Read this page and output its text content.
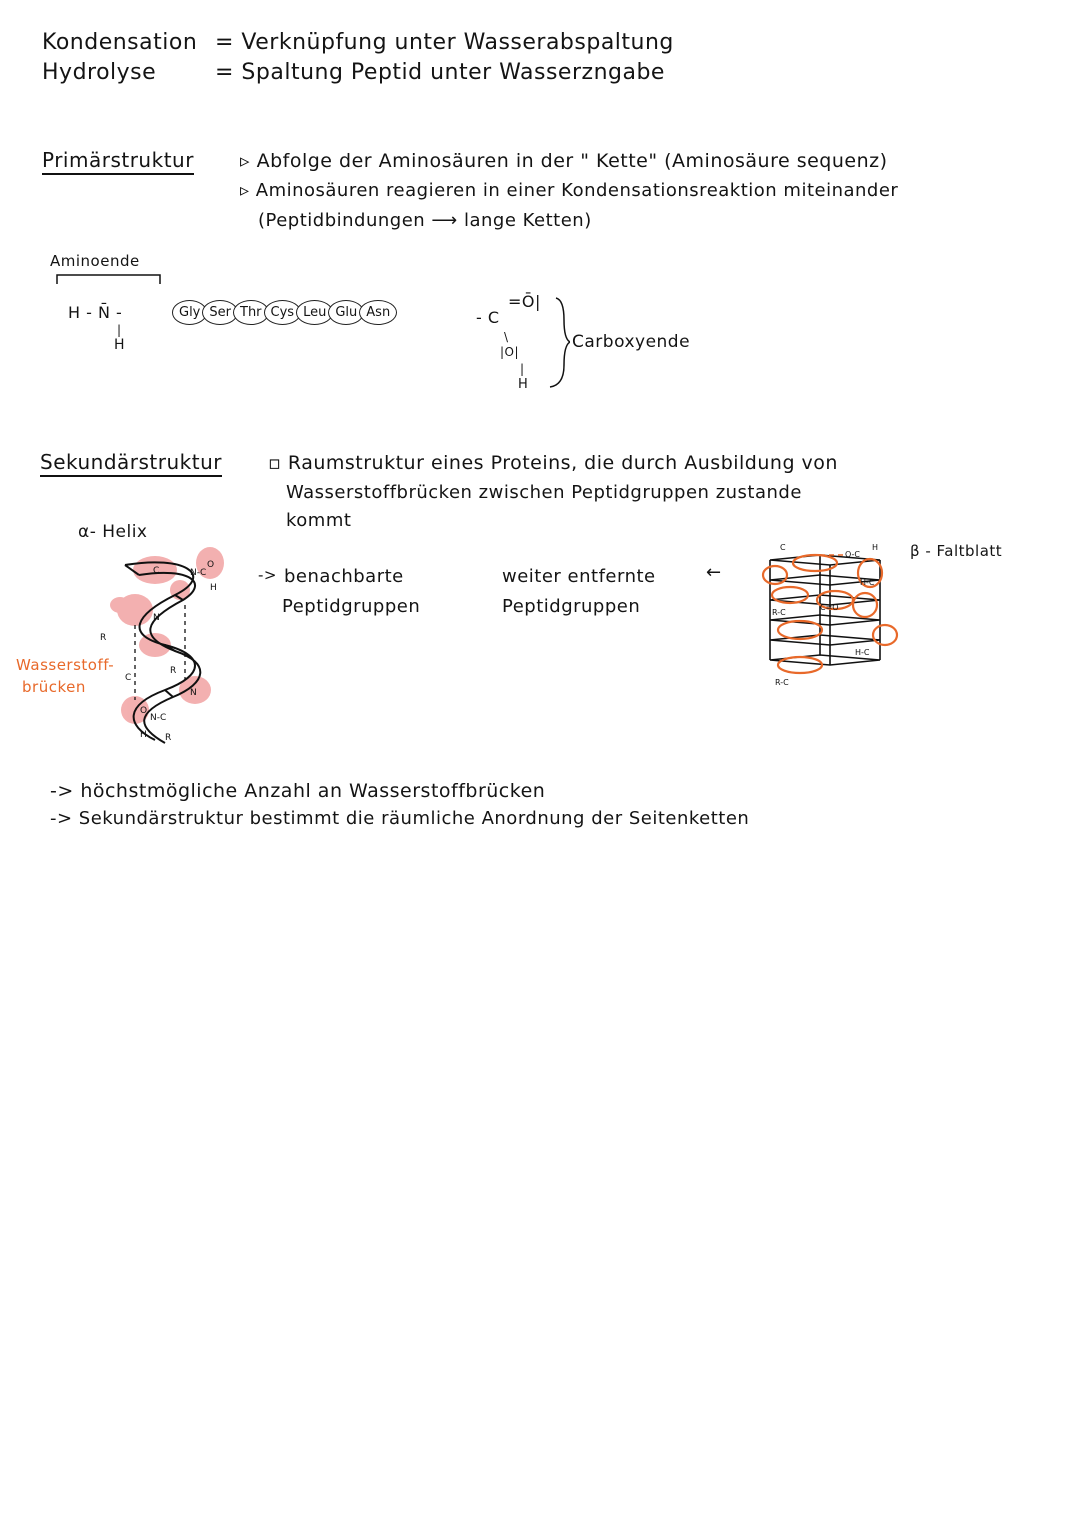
Kondensation = Verknüpfung unter Wasserabspaltung
Hydrolyse	= Spaltung Peptid unter Wasserzngabe
Primärstruktur ▹ Abfolge der Aminosäuren in der " Kette" (Aminosäure sequenz)
▹ Aminosäuren reagieren in einer Kondensationsreaktion miteinander
(Peptidbindungen ⟶ lange Ketten)
Aminoende
H - N̄ -
|
H
Gly Ser Thr Cys Leu Glu Asn	- C
=Ō|
\
|O|
|
H
Carboxyende
Sekundärstruktur ▫ Raumstruktur eines Proteins, die durch Ausbildung von
Wasserstoffbrücken zwischen Peptidgruppen zustande
kommt
α- Helix
C	N-C
O
H
R
N
R
C
N
O
N-C
R
H
Wasserstoff-
brücken
-> benachbarte
Peptidgruppen
weiter entfernte
Peptidgruppen
←
C
O-C
H
H-C
R-C
C=O
H-C
R-C
β - Faltblatt
-> höchstmögliche Anzahl an Wasserstoffbrücken
-> Sekundärstruktur bestimmt die räumliche Anordnung der Seitenketten
